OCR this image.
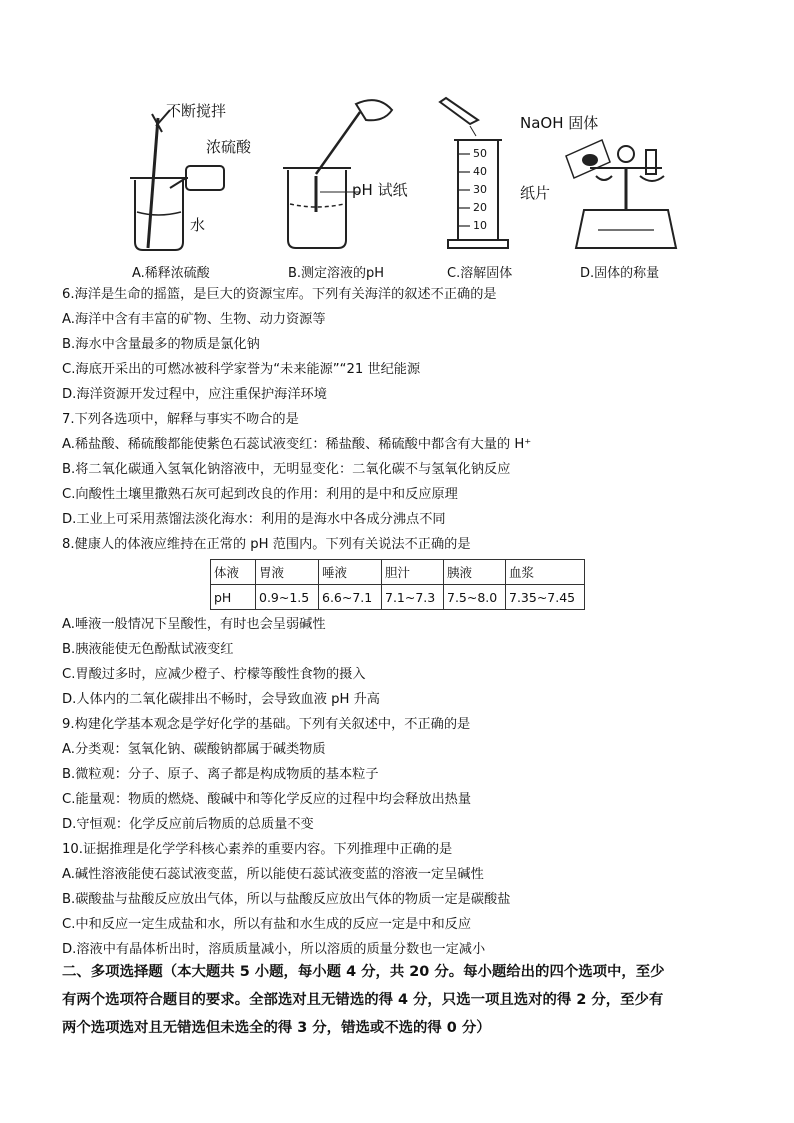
不断搅拌
浓硫酸
水
pH 试纸
NaOH 固体
纸片
50
40
30
20
10
A.稀释浓硫酸	B.测定溶液的pH	C.溶解固体	D.固体的称量
6.海洋是生命的摇篮，是巨大的资源宝库。下列有关海洋的叙述不正确的是
A.海洋中含有丰富的矿物、生物、动力资源等
B.海水中含量最多的物质是氯化钠
C.海底开采出的可燃冰被科学家誉为“未来能源”“21 世纪能源
D.海洋资源开发过程中，应注重保护海洋环境
7.下列各选项中，解释与事实不吻合的是
A.稀盐酸、稀硫酸都能使紫色石蕊试液变红：稀盐酸、稀硫酸中都含有大量的 H⁺
B.将二氧化碳通入氢氧化钠溶液中，无明显变化：二氧化碳不与氢氧化钠反应
C.向酸性土壤里撒熟石灰可起到改良的作用：利用的是中和反应原理
D.工业上可采用蒸馏法淡化海水：利用的是海水中各成分沸点不同
8.健康人的体液应维持在正常的 pH 范围内。下列有关说法不正确的是
体液	胃液	唾液	胆汁	胰液	血浆
pH	0.9~1.5	6.6~7.1	7.1~7.3	7.5~8.0	7.35~7.45
A.唾液一般情况下呈酸性，有时也会呈弱碱性
B.胰液能使无色酚酞试液变红
C.胃酸过多时，应减少橙子、柠檬等酸性食物的摄入
D.人体内的二氧化碳排出不畅时，会导致血液 pH 升高
9.构建化学基本观念是学好化学的基础。下列有关叙述中，不正确的是
A.分类观：氢氧化钠、碳酸钠都属于碱类物质
B.微粒观：分子、原子、离子都是构成物质的基本粒子
C.能量观：物质的燃烧、酸碱中和等化学反应的过程中均会释放出热量
D.守恒观：化学反应前后物质的总质量不变
10.证据推理是化学学科核心素养的重要内容。下列推理中正确的是
A.碱性溶液能使石蕊试液变蓝，所以能使石蕊试液变蓝的溶液一定呈碱性
B.碳酸盐与盐酸反应放出气体，所以与盐酸反应放出气体的物质一定是碳酸盐
C.中和反应一定生成盐和水，所以有盐和水生成的反应一定是中和反应
D.溶液中有晶体析出时，溶质质量减小，所以溶质的质量分数也一定减小
二、多项选择题（本大题共 5 小题，每小题 4 分，共 20 分。每小题给出的四个选项中，至少
有两个选项符合题目的要求。全部选对且无错选的得 4 分，只选一项且选对的得 2 分，至少有
两个选项选对且无错选但未选全的得 3 分，错选或不选的得 0 分）
